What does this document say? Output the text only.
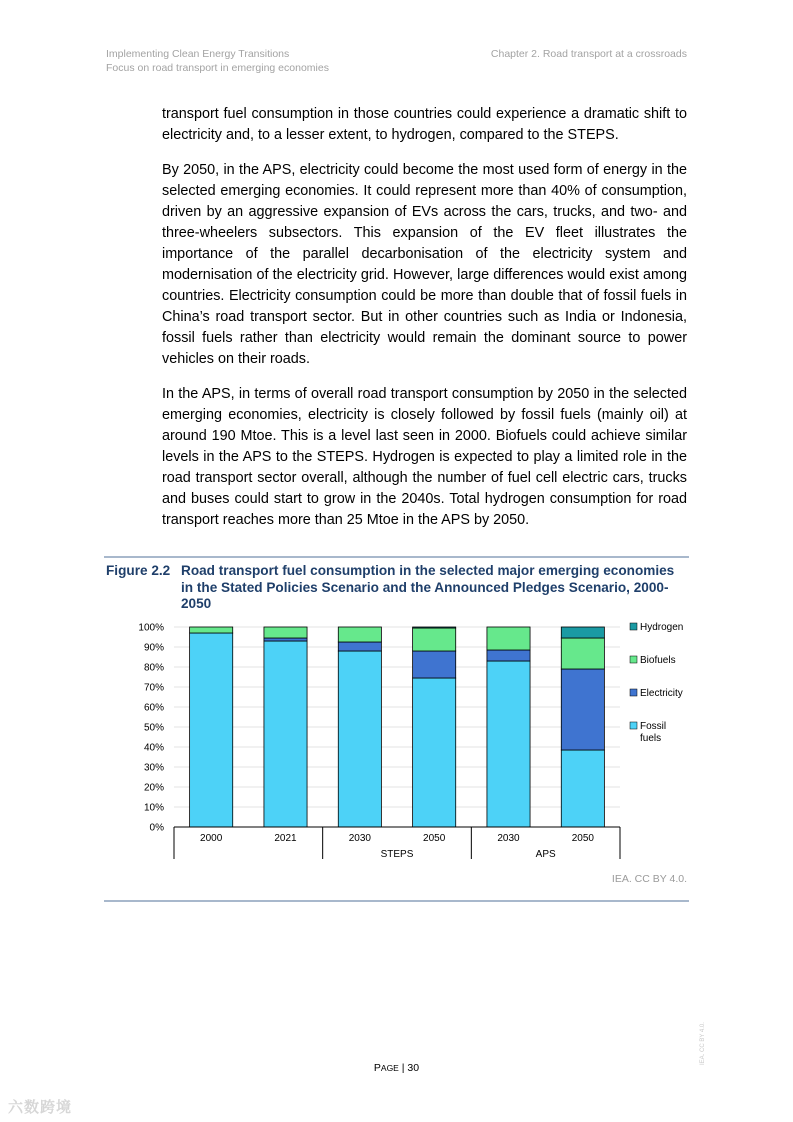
Implementing Clean Energy Transitions
Focus on road transport in emerging economies
Chapter 2. Road transport at a crossroads

transport fuel consumption in those countries could experience a dramatic shift to electricity and, to a lesser extent, to hydrogen, compared to the STEPS.

By 2050, in the APS, electricity could become the most used form of energy in the selected emerging economies. It could represent more than 40% of consumption, driven by an aggressive expansion of EVs across the cars, trucks, and two- and three-wheelers subsectors. This expansion of the EV fleet illustrates the importance of the parallel decarbonisation of the electricity system and modernisation of the electricity grid. However, large differences would exist among countries. Electricity consumption could be more than double that of fossil fuels in China’s road transport sector. But in other countries such as India or Indonesia, fossil fuels rather than electricity would remain the dominant source to power vehicles on their roads.

In the APS, in terms of overall road transport consumption by 2050 in the selected emerging economies, electricity is closely followed by fossil fuels (mainly oil) at around 190 Mtoe. This is a level last seen in 2000. Biofuels could achieve similar levels in the APS to the STEPS. Hydrogen is expected to play a limited role in the road transport sector overall, although the number of fuel cell electric cars, trucks and buses could start to grow in the 2040s. Total hydrogen consumption for road transport reaches more than 25 Mtoe in the APS by 2050.

Figure 2.2 Road transport fuel consumption in the selected major emerging economies in the Stated Policies Scenario and the Announced Pledges Scenario, 2000-2050
0%
10%
20%
30%
40%
50%
60%
70%
80%
90%
100%
2000	2021	2030	2050	2030	2050
STEPS	APS
Hydrogen
Biofuels
Electricity
Fossil
fuels
IEA. CC BY 4.0.
PAGE | 30
IEA. CC BY 4.0.
六数跨境
